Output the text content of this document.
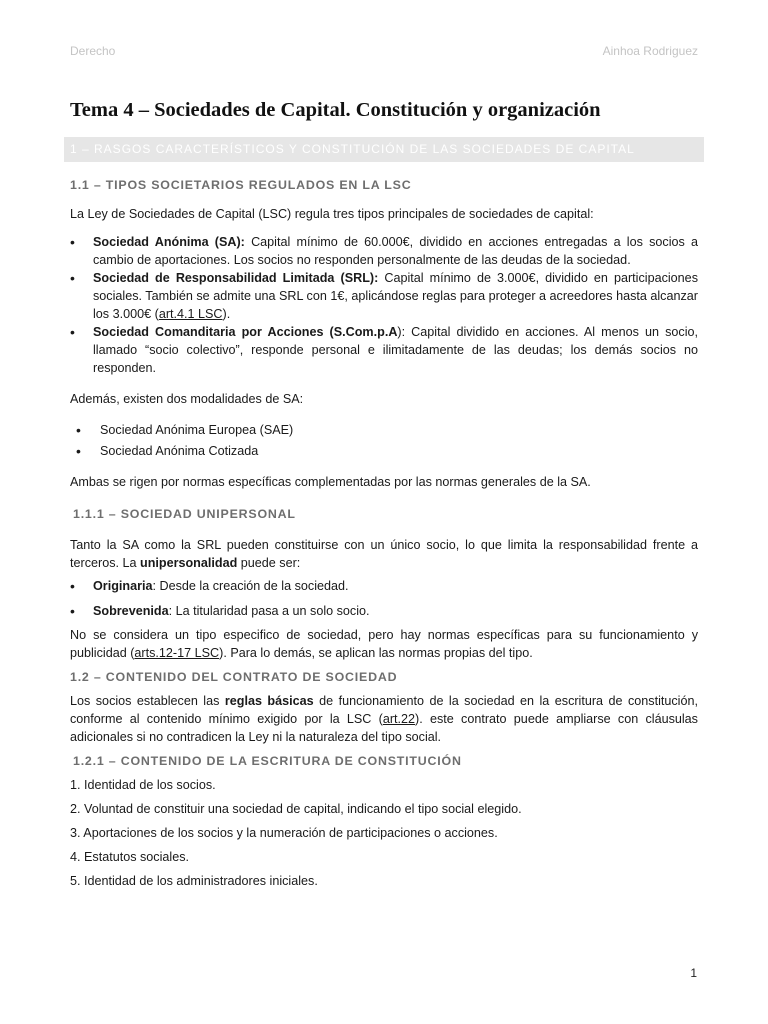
Derecho	Ainhoa Rodriguez
Tema 4 – Sociedades de Capital. Constitución y organización
1 – RASGOS CARACTERÍSTICOS Y CONSTITUCIÓN DE LAS SOCIEDADES DE CAPITAL
1.1 – TIPOS SOCIETARIOS REGULADOS EN LA LSC

La Ley de Sociedades de Capital (LSC) regula tres tipos principales de sociedades de capital:

• Sociedad Anónima (SA): Capital mínimo de 60.000€, dividido en acciones entregadas a los socios a cambio de aportaciones. Los socios no responden personalmente de las deudas de la sociedad.
• Sociedad de Responsabilidad Limitada (SRL): Capital mínimo de 3.000€, dividido en participaciones sociales. También se admite una SRL con 1€, aplicándose reglas para proteger a acreedores hasta alcanzar los 3.000€ (art.4.1 LSC).
• Sociedad Comanditaria por Acciones (S.Com.p.A): Capital dividido en acciones. Al menos un socio, llamado “socio colectivo”, responde personal e ilimitadamente de las deudas; los demás socios no responden.

Además, existen dos modalidades de SA:

• Sociedad Anónima Europea (SAE)
• Sociedad Anónima Cotizada

Ambas se rigen por normas específicas complementadas por las normas generales de la SA.

1.1.1 – SOCIEDAD UNIPERSONAL

Tanto la SA como la SRL pueden constituirse con un único socio, lo que limita la responsabilidad frente a terceros. La unipersonalidad puede ser:

• Originaria: Desde la creación de la sociedad.
• Sobrevenida: La titularidad pasa a un solo socio.

No se considera un tipo especifico de sociedad, pero hay normas específicas para su funcionamiento y publicidad (arts.12-17 LSC). Para lo demás, se aplican las normas propias del tipo.

1.2 – CONTENIDO DEL CONTRATO DE SOCIEDAD

Los socios establecen las reglas básicas de funcionamiento de la sociedad en la escritura de constitución, conforme al contenido mínimo exigido por la LSC (art.22). este contrato puede ampliarse con cláusulas adicionales si no contradicen la Ley ni la naturaleza del tipo social.

1.2.1 – CONTENIDO DE LA ESCRITURA DE CONSTITUCIÓN

1. Identidad de los socios.

2. Voluntad de constituir una sociedad de capital, indicando el tipo social elegido.

3. Aportaciones de los socios y la numeración de participaciones o acciones.

4. Estatutos sociales.

5. Identidad de los administradores iniciales.

1
